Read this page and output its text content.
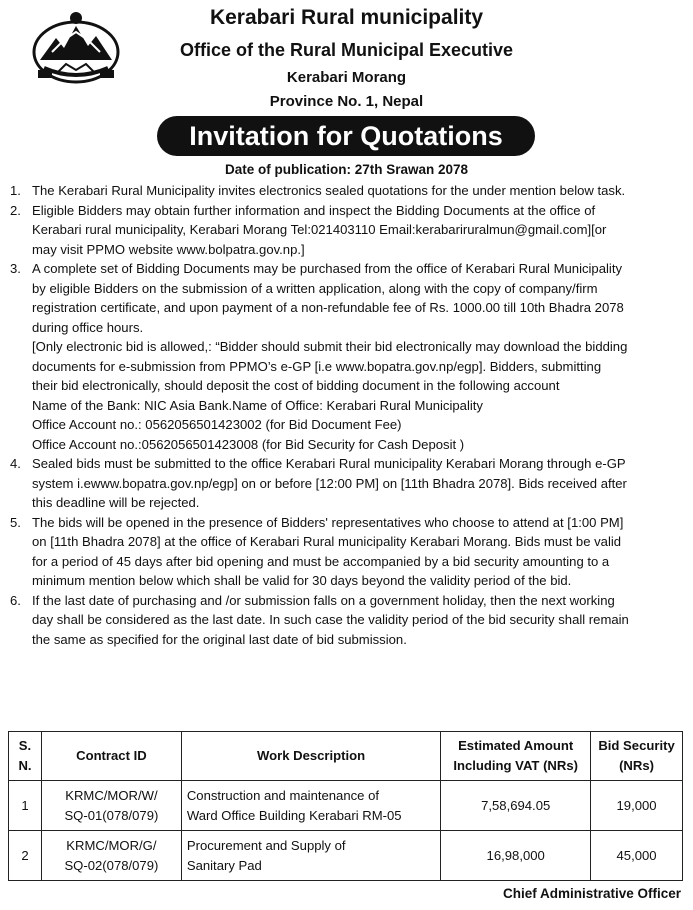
Kerabari Rural municipality
Office of the Rural Municipal Executive
Kerabari Morang
Province No. 1, Nepal
Invitation for Quotations
Date of publication: 27th Srawan 2078
1. The Kerabari Rural Municipality invites electronics sealed quotations for the under mention below task.
2. Eligible Bidders may obtain further information and inspect the Bidding Documents at the office of
Kerabari rural municipality, Kerabari Morang Tel:021403110 Email:kerabariruralmun@gmail.com][or
may visit PPMO website www.bolpatra.gov.np.]
3. A complete set of Bidding Documents may be purchased from the office of Kerabari Rural Municipality
by eligible Bidders on the submission of a written application, along with the copy of company/firm
registration certificate, and upon payment of a non-refundable fee of Rs. 1000.00 till 10th Bhadra 2078
during office hours.
[Only electronic bid is allowed,: “Bidder should submit their bid electronically may download the bidding
documents for e-submission from PPMO’s e-GP [i.e www.bopatra.gov.np/egp]. Bidders, submitting
their bid electronically, should deposit the cost of bidding document in the following account
Name of the Bank: NIC Asia Bank.Name of Office: Kerabari Rural Municipality
Office Account no.: 0562056501423002 (for Bid Document Fee)
Office Account no.:0562056501423008 (for Bid Security for Cash Deposit )
4. Sealed bids must be submitted to the office Kerabari Rural municipality Kerabari Morang through e-GP
system i.ewww.bopatra.gov.np/egp] on or before [12:00 PM] on [11th Bhadra 2078]. Bids received after
this deadline will be rejected.
5. The bids will be opened in the presence of Bidders' representatives who choose to attend at [1:00 PM]
on [11th Bhadra 2078] at the office of Kerabari Rural municipality Kerabari Morang. Bids must be valid
for a period of 45 days after bid opening and must be accompanied by a bid security amounting to a
minimum mention below which shall be valid for 30 days beyond the validity period of the bid.
6. If the last date of purchasing and /or submission falls on a government holiday, then the next working
day shall be considered as the last date. In such case the validity period of the bid security shall remain
the same as specified for the original last date of bid submission.
S.
N.	Contract ID	Work Description	Estimated Amount
Including VAT (NRs)	Bid Security
(NRs)
1	KRMC/MOR/W/
SQ-01(078/079)	Construction and maintenance of
Ward Office Building Kerabari RM-05	7,58,694.05	19,000
2	KRMC/MOR/G/
SQ-02(078/079)	Procurement and Supply of
Sanitary Pad	16,98,000	45,000
Chief Administrative Officer
